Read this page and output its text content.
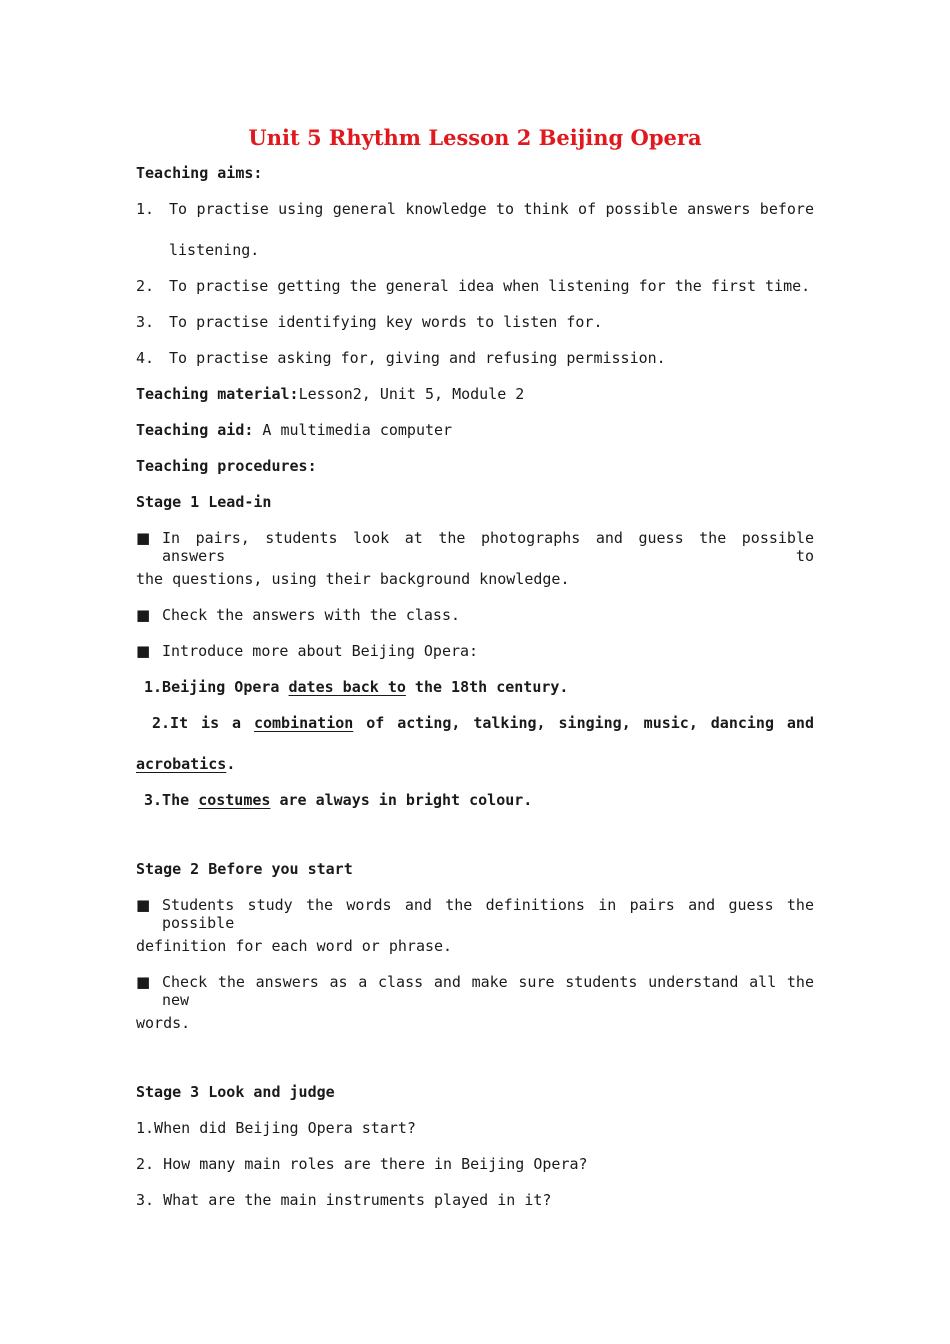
Unit 5 Rhythm Lesson 2 Beijing Opera
Teaching aims:
1. To practise using general knowledge to think of possible answers before
listening.
2. To practise getting the general idea when listening for the first time.
3. To practise identifying key words to listen for.
4. To practise asking for, giving and refusing permission.
Teaching material:Lesson2, Unit 5, Module 2
Teaching aid: A multimedia computer
Teaching procedures:
Stage 1 Lead-in
■ In pairs, students look at the photographs and guess the possible answers to
the questions, using their background knowledge.
■ Check the answers with the class.
■ Introduce more about Beijing Opera:
1.Beijing Opera dates back to the 18th century.
2.It is a combination of acting, talking, singing, music, dancing and
acrobatics.
3.The costumes are always in bright colour.
Stage 2 Before you start
■ Students study the words and the definitions in pairs and guess the possible
definition for each word or phrase.
■ Check the answers as a class and make sure students understand all the new
words.
Stage 3 Look and judge
1.When did Beijing Opera start?
2. How many main roles are there in Beijing Opera?
3. What are the main instruments played in it?
